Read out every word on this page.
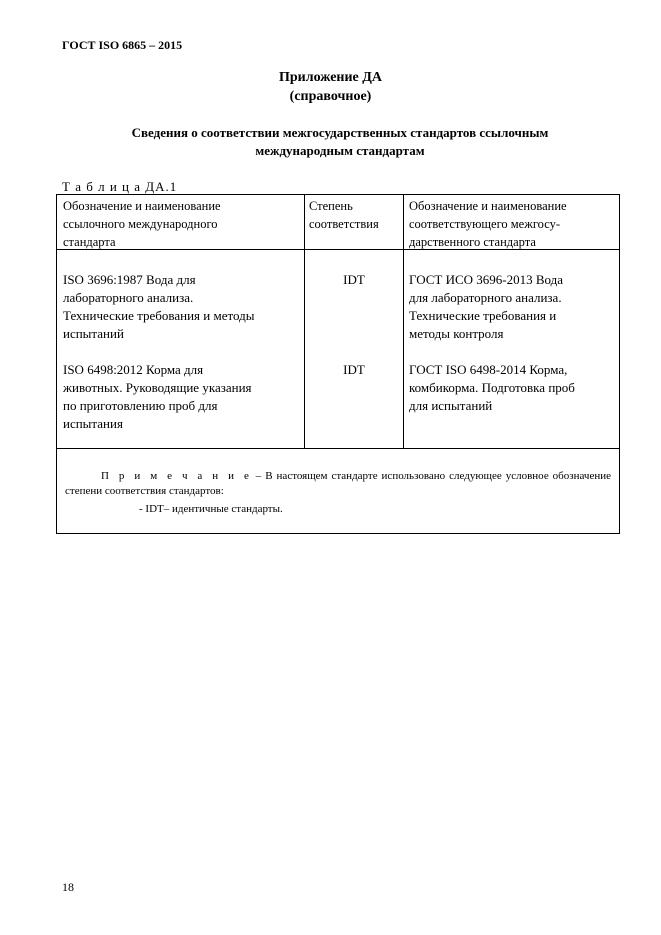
ГОСТ ISO 6865 – 2015
Приложение ДА
(справочное)
Сведения о соответствии межгосударственных стандартов ссылочным
международным стандартам
Т а б л и ц а ДА.1
Обозначение и наименование
ссылочного международного
стандарта
Степень
соответствия
Обозначение и наименование
соответствующего межгосу-
дарственного стандарта
ISO 3696:1987 Вода для
лабораторного анализа.
Технические требования и методы
испытаний
IDT	ГОСТ ИСО 3696-2013 Вода
для лабораторного анализа.
Технические требования и
методы контроля
ISO 6498:2012 Корма для
животных. Руководящие указания
по приготовлению проб для
испытания
IDT	ГОСТ ISO 6498-2014 Корма,
комбикорма. Подготовка проб
для испытаний
П р и м е ч а н и е – В настоящем стандарте использовано следующее условное обозначение степени соответствия стандартов:
- IDT– идентичные стандарты.
18
